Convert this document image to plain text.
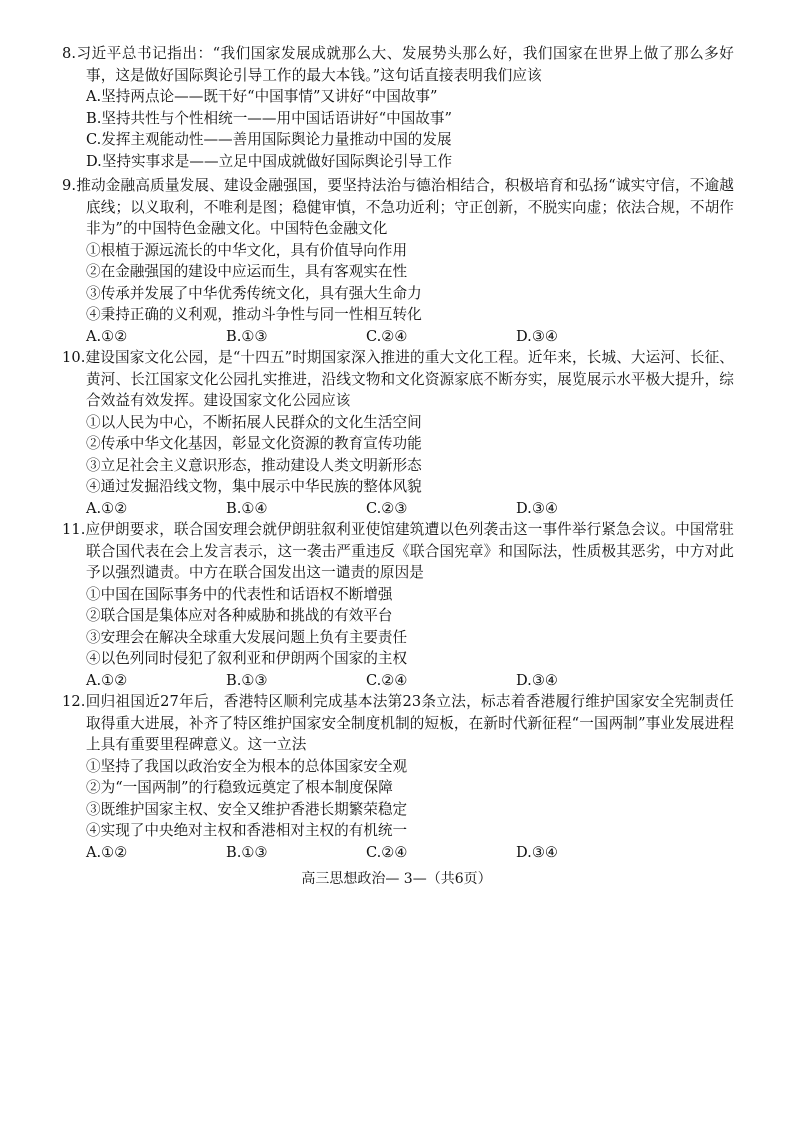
8.习近平总书记指出：“我们国家发展成就那么大、发展势头那么好，我们国家在世界上做了那么多好事，这是做好国际舆论引导工作的最大本钱。”这句话直接表明我们应该

A.坚持两点论——既干好“中国事情”又讲好“中国故事”

B.坚持共性与个性相统一——用中国话语讲好“中国故事”

C.发挥主观能动性——善用国际舆论力量推动中国的发展

D.坚持实事求是——立足中国成就做好国际舆论引导工作

9.推动金融高质量发展、建设金融强国，要坚持法治与德治相结合，积极培育和弘扬“诚实守信，不逾越底线；以义取利，不唯利是图；稳健审慎，不急功近利；守正创新，不脱实向虚；依法合规，不胡作非为”的中国特色金融文化。中国特色金融文化

①根植于源远流长的中华文化，具有价值导向作用

②在金融强国的建设中应运而生，具有客观实在性

③传承并发展了中华优秀传统文化，具有强大生命力

④秉持正确的义利观，推动斗争性与同一性相互转化

A.①②	B.①③	C.②④	D.③④

10.建设国家文化公园，是“十四五”时期国家深入推进的重大文化工程。近年来，长城、大运河、长征、黄河、长江国家文化公园扎实推进，沿线文物和文化资源家底不断夯实，展览展示水平极大提升，综合效益有效发挥。建设国家文化公园应该

①以人民为中心，不断拓展人民群众的文化生活空间

②传承中华文化基因，彰显文化资源的教育宣传功能

③立足社会主义意识形态，推动建设人类文明新形态

④通过发掘沿线文物，集中展示中华民族的整体风貌

A.①②	B.①④	C.②③	D.③④

11.应伊朗要求，联合国安理会就伊朗驻叙利亚使馆建筑遭以色列袭击这一事件举行紧急会议。中国常驻联合国代表在会上发言表示，这一袭击严重违反《联合国宪章》和国际法，性质极其恶劣，中方对此予以强烈谴责。中方在联合国发出这一谴责的原因是

①中国在国际事务中的代表性和话语权不断增强

②联合国是集体应对各种威胁和挑战的有效平台

③安理会在解决全球重大发展问题上负有主要责任

④以色列同时侵犯了叙利亚和伊朗两个国家的主权

A.①②	B.①③	C.②④	D.③④

12.回归祖国近27年后，香港特区顺利完成基本法第23条立法，标志着香港履行维护国家安全宪制责任取得重大进展，补齐了特区维护国家安全制度机制的短板，在新时代新征程“一国两制”事业发展进程上具有重要里程碑意义。这一立法

①坚持了我国以政治安全为根本的总体国家安全观

②为“一国两制”的行稳致远奠定了根本制度保障

③既维护国家主权、安全又维护香港长期繁荣稳定

④实现了中央绝对主权和香港相对主权的有机统一

A.①②	B.①③	C.②④	D.③④
高三思想政治— 3—（共6页）
